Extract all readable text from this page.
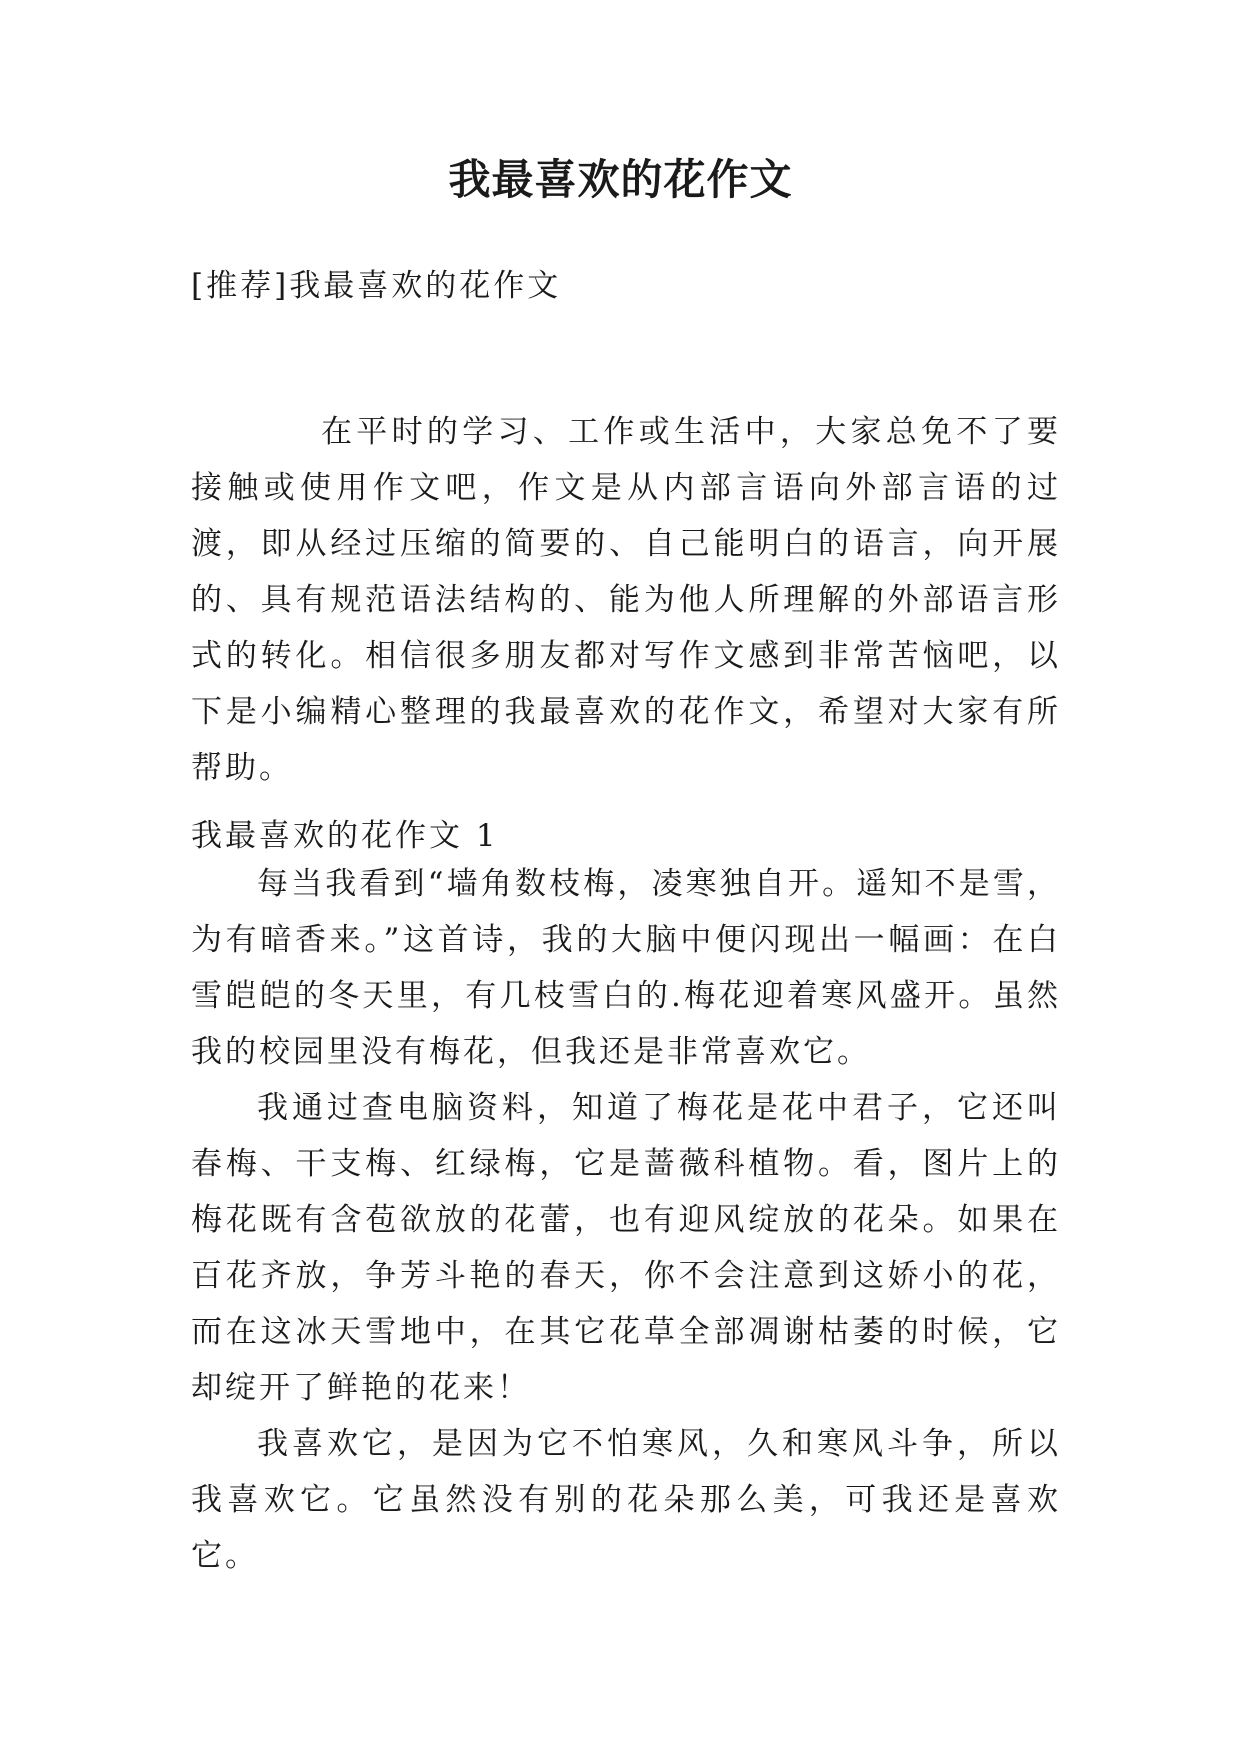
我最喜欢的花作文

[推荐]我最喜欢的花作文

在平时的学习、工作或生活中，大家总免不了要接触或使用作文吧，作文是从内部言语向外部言语的过渡，即从经过压缩的简要的、自己能明白的语言，向开展的、具有规范语法结构的、能为他人所理解的外部语言形式的转化。相信很多朋友都对写作文感到非常苦恼吧，以下是小编精心整理的我最喜欢的花作文，希望对大家有所帮助。

我最喜欢的花作文 1

每当我看到“墙角数枝梅，凌寒独自开。遥知不是雪，为有暗香来。”这首诗，我的大脑中便闪现出一幅画：在白雪皑皑的冬天里，有几枝雪白的.梅花迎着寒风盛开。虽然我的校园里没有梅花，但我还是非常喜欢它。

我通过查电脑资料，知道了梅花是花中君子，它还叫春梅、干支梅、红绿梅，它是蔷薇科植物。看，图片上的梅花既有含苞欲放的花蕾，也有迎风绽放的花朵。如果在百花齐放，争芳斗艳的春天，你不会注意到这娇小的花，而在这冰天雪地中，在其它花草全部凋谢枯萎的时候，它却绽开了鲜艳的花来！

我喜欢它，是因为它不怕寒风，久和寒风斗争，所以我喜欢它。它虽然没有别的花朵那么美，可我还是喜欢它。
